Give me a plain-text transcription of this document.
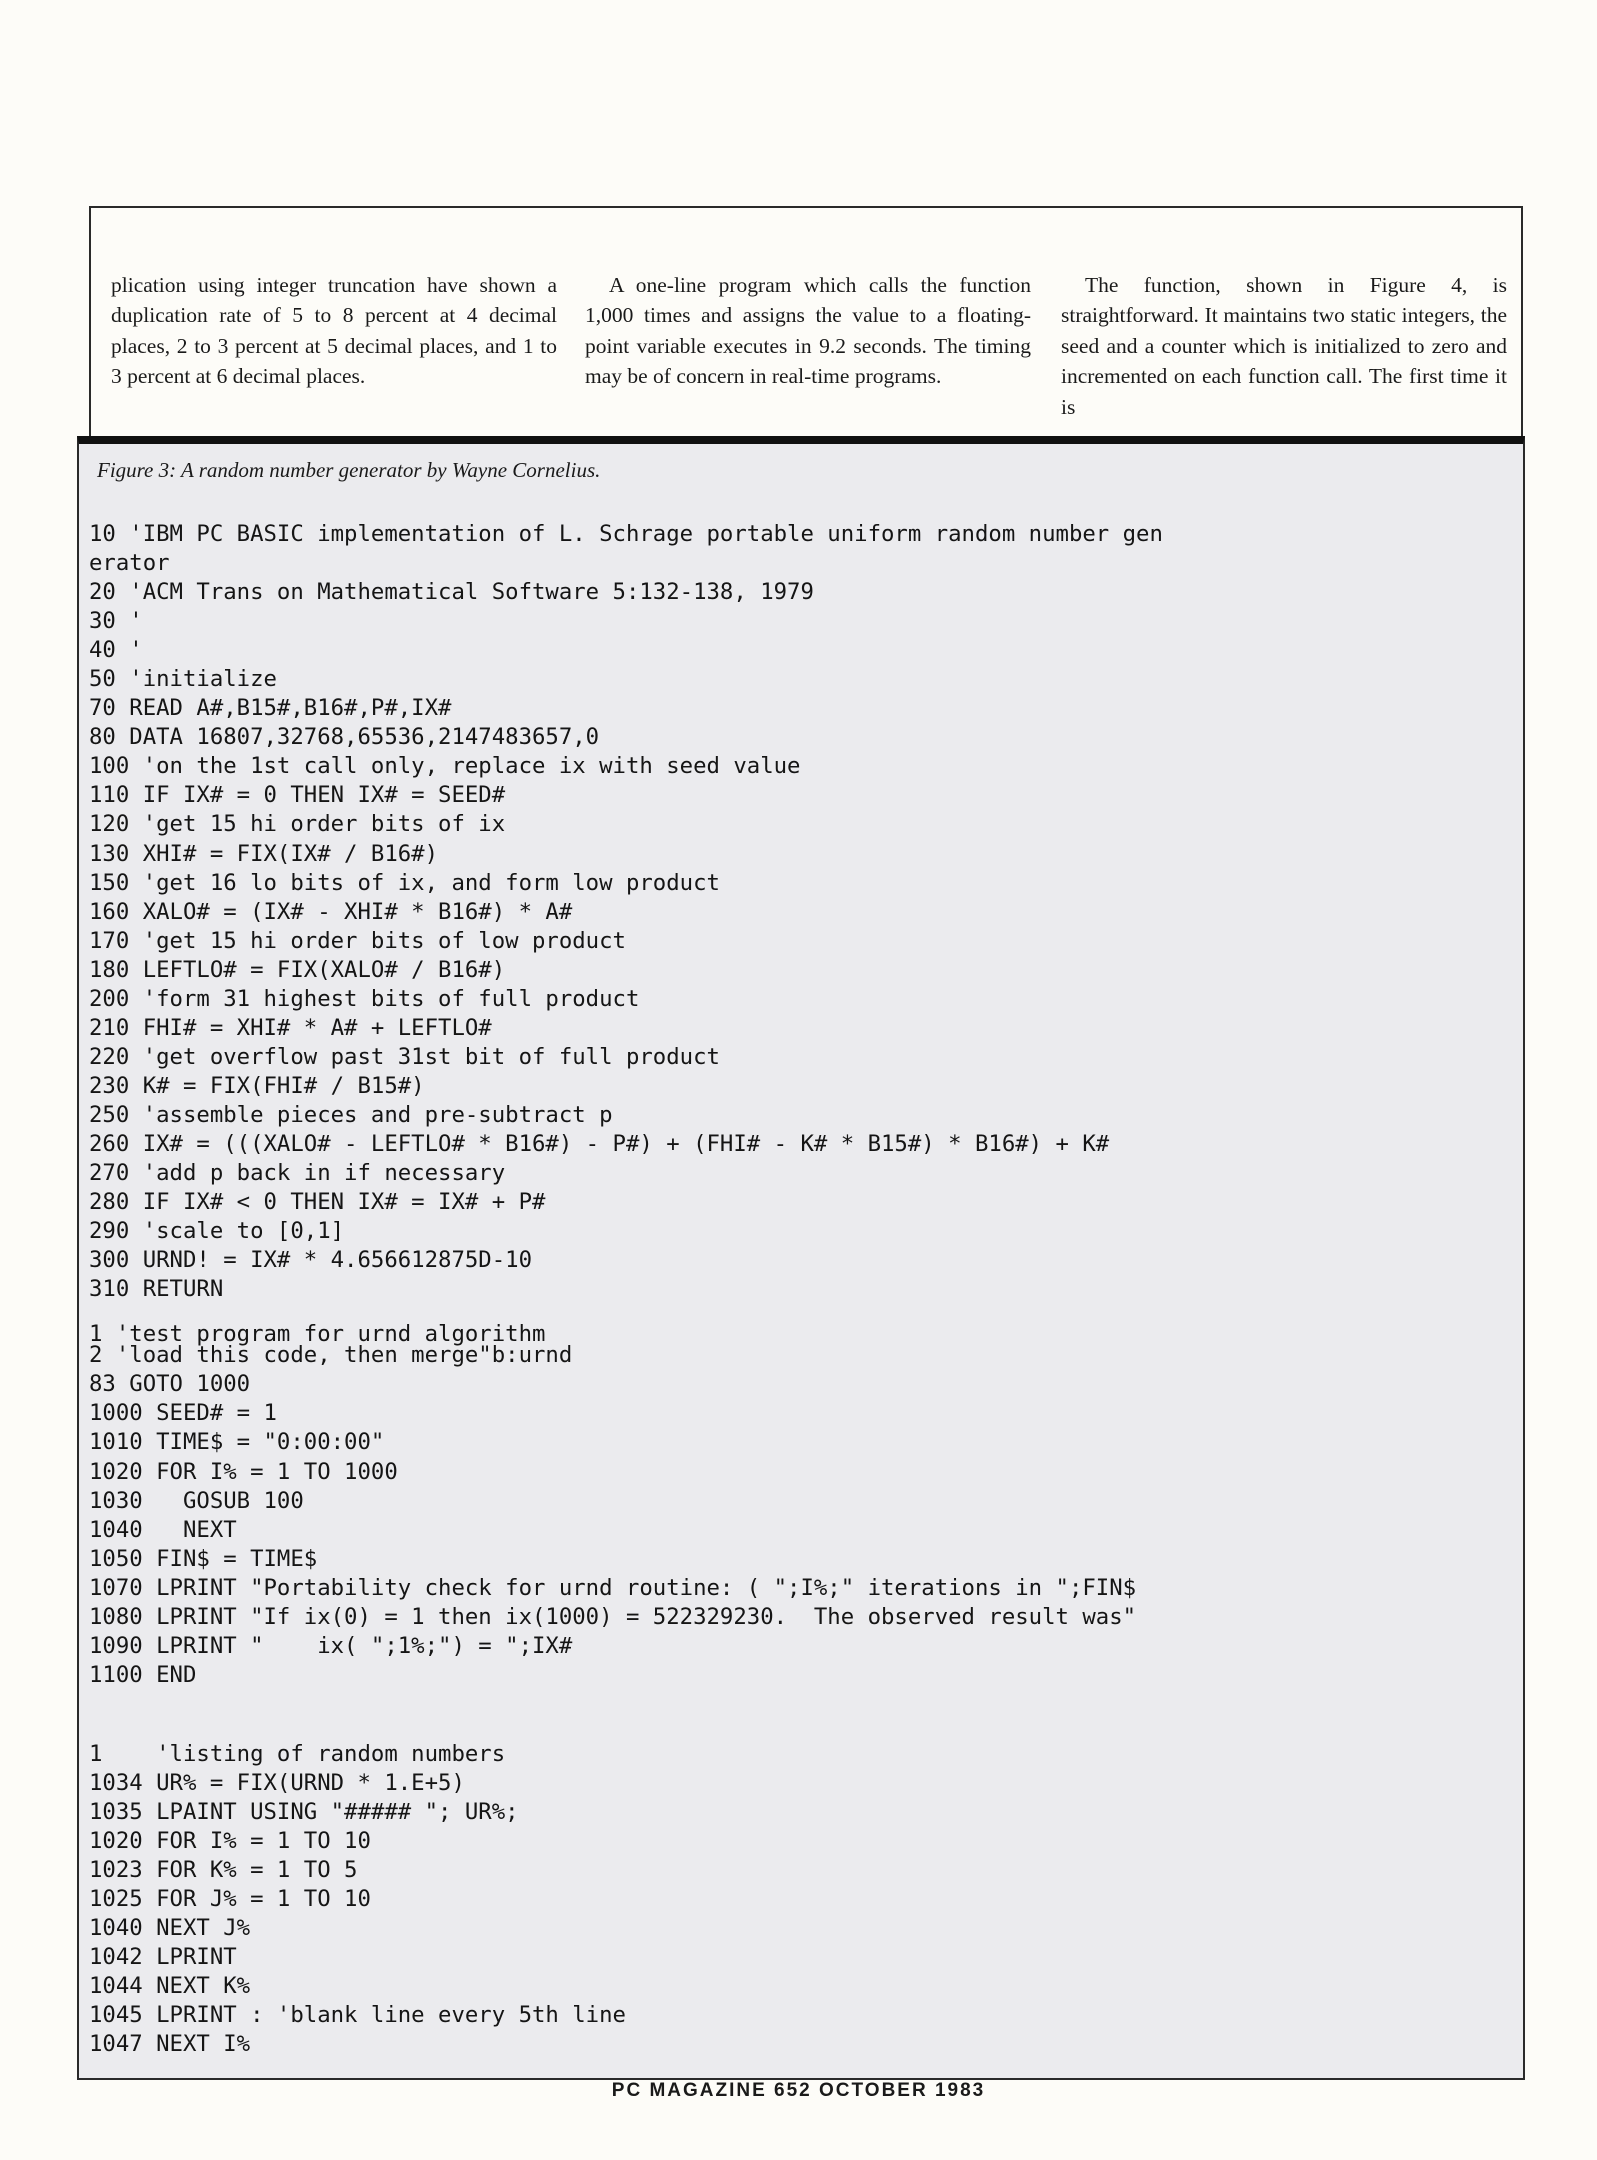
plication using integer truncation have shown a duplication rate of 5 to 8 percent at 4 decimal places, 2 to 3 percent at 5 decimal places, and 1 to 3 percent at 6 decimal places.

A one-line program which calls the function 1,000 times and assigns the value to a floating-point variable executes in 9.2 seconds. The timing may be of concern in real-time programs.

The function, shown in Figure 4, is straightforward. It maintains two static integers, the seed and a counter which is initialized to zero and incremented on each function call. The first time it is

Figure 3: A random number generator by Wayne Cornelius.
10 'IBM PC BASIC implementation of L. Schrage portable uniform random number gen
erator
20 'ACM Trans on Mathematical Software 5:132-138, 1979
30 '
40 '
50 'initialize
70 READ A#,B15#,B16#,P#,IX#
80 DATA 16807,32768,65536,2147483657,0
100 'on the 1st call only, replace ix with seed value
110 IF IX# = 0 THEN IX# = SEED#
120 'get 15 hi order bits of ix
130 XHI# = FIX(IX# / B16#)
150 'get 16 lo bits of ix, and form low product
160 XALO# = (IX# - XHI# * B16#) * A#
170 'get 15 hi order bits of low product
180 LEFTLO# = FIX(XALO# / B16#)
200 'form 31 highest bits of full product
210 FHI# = XHI# * A# + LEFTLO#
220 'get overflow past 31st bit of full product
230 K# = FIX(FHI# / B15#)
250 'assemble pieces and pre-subtract p
260 IX# = (((XALO# - LEFTLO# * B16#) - P#) + (FHI# - K# * B15#) * B16#) + K#
270 'add p back in if necessary
280 IF IX# < 0 THEN IX# = IX# + P#
290 'scale to [0,1]
300 URND! = IX# * 4.656612875D-10
310 RETURN
1 'test program for urnd algorithm
2 'load this code, then merge"b:urnd
83 GOTO 1000
1000 SEED# = 1
1010 TIME$ = "0:00:00"
1020 FOR I% = 1 TO 1000
1030   GOSUB 100
1040   NEXT
1050 FIN$ = TIME$
1070 LPRINT "Portability check for urnd routine: ( ";I%;" iterations in ";FIN$
1080 LPRINT "If ix(0) = 1 then ix(1000) = 522329230.  The observed result was"
1090 LPRINT "    ix( ";1%;") = ";IX#
1100 END
1    'listing of random numbers
1034 UR% = FIX(URND * 1.E+5)
1035 LPAINT USING "##### "; UR%;
1020 FOR I% = 1 TO 10
1023 FOR K% = 1 TO 5
1025 FOR J% = 1 TO 10
1040 NEXT J%
1042 LPRINT
1044 NEXT K%
1045 LPRINT : 'blank line every 5th line
1047 NEXT I%
PC MAGAZINE 652 OCTOBER 1983
